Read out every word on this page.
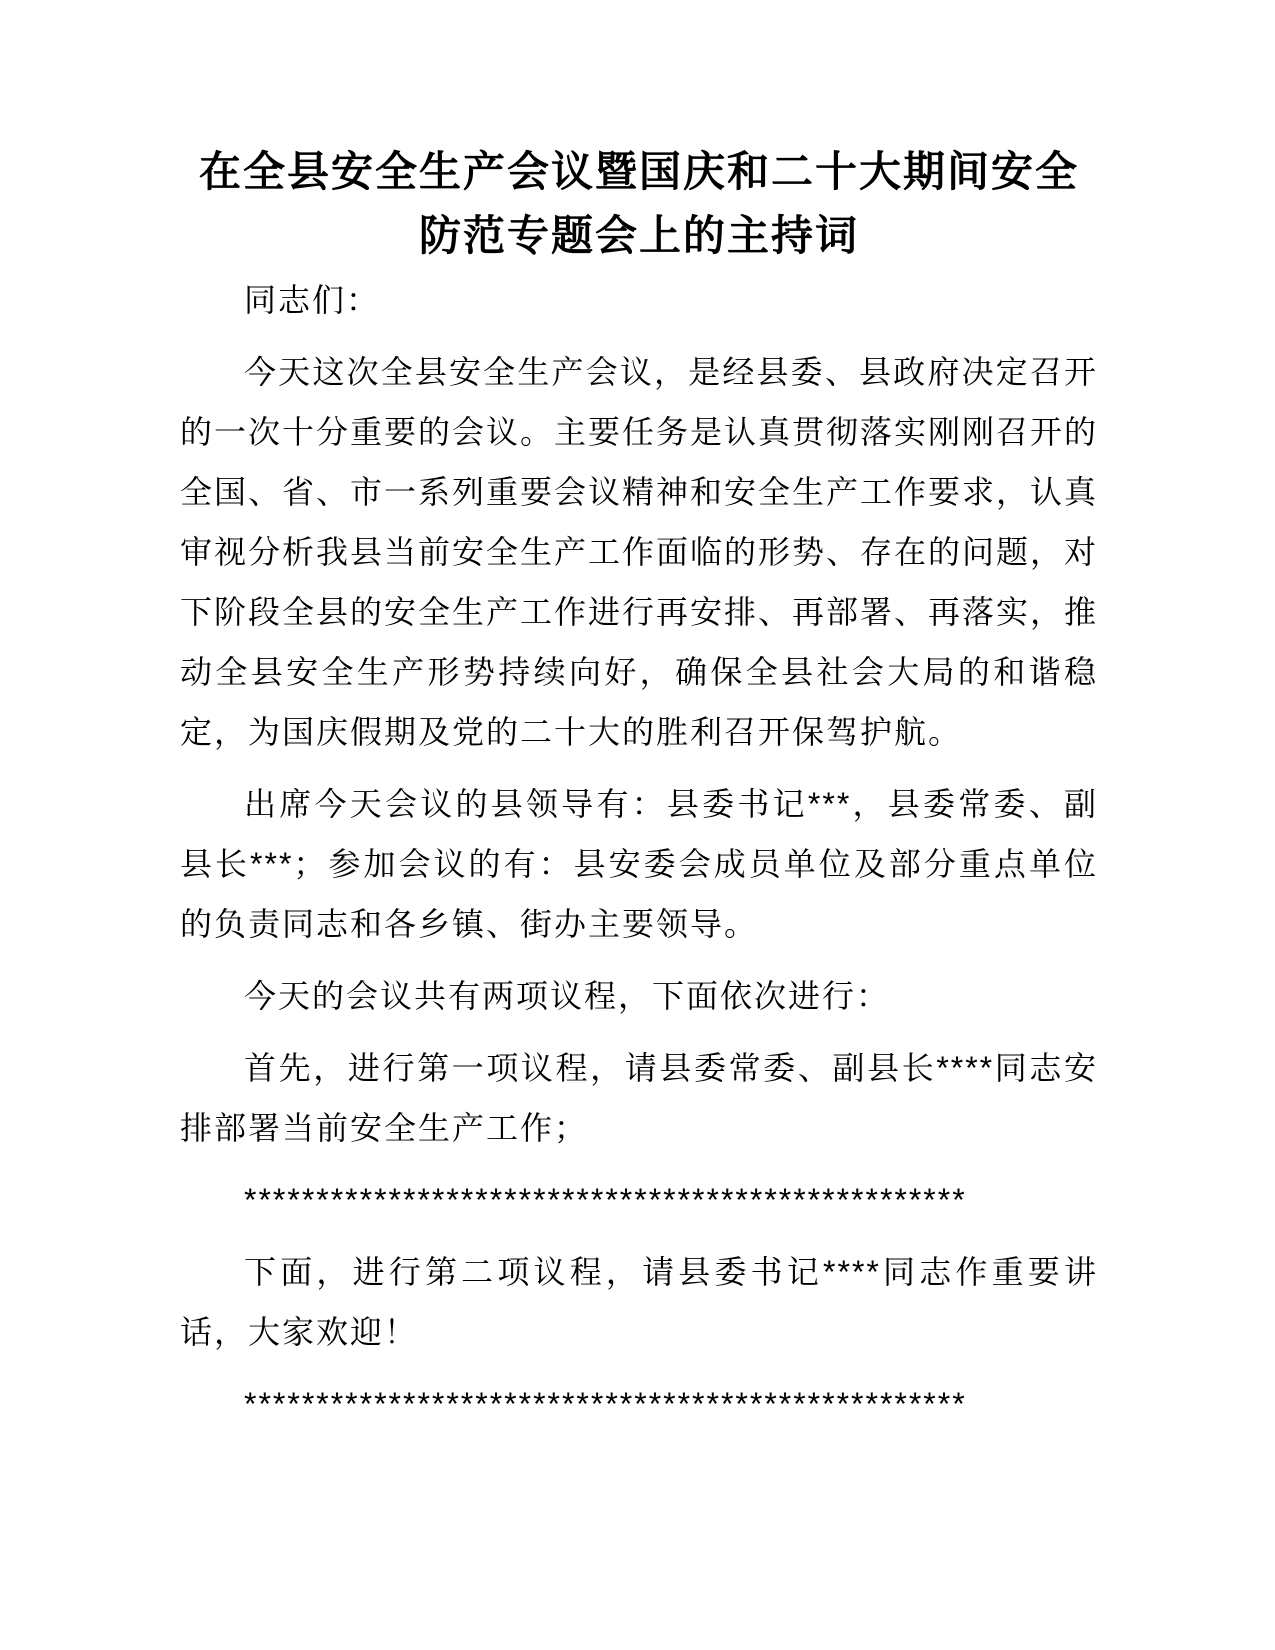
在全县安全生产会议暨国庆和二十大期间安全
防范专题会上的主持词

同志们：

今天这次全县安全生产会议，是经县委、县政府决定召开的一次十分重要的会议。主要任务是认真贯彻落实刚刚召开的全国、省、市一系列重要会议精神和安全生产工作要求，认真审视分析我县当前安全生产工作面临的形势、存在的问题，对下阶段全县的安全生产工作进行再安排、再部署、再落实，推动全县安全生产形势持续向好，确保全县社会大局的和谐稳定，为国庆假期及党的二十大的胜利召开保驾护航。

出席今天会议的县领导有：县委书记***，县委常委、副县长***；参加会议的有：县安委会成员单位及部分重点单位的负责同志和各乡镇、街办主要领导。

今天的会议共有两项议程，下面依次进行：

首先，进行第一项议程，请县委常委、副县长****同志安排部署当前安全生产工作；

**************************************************

下面，进行第二项议程，请县委书记****同志作重要讲话，大家欢迎！

**************************************************
